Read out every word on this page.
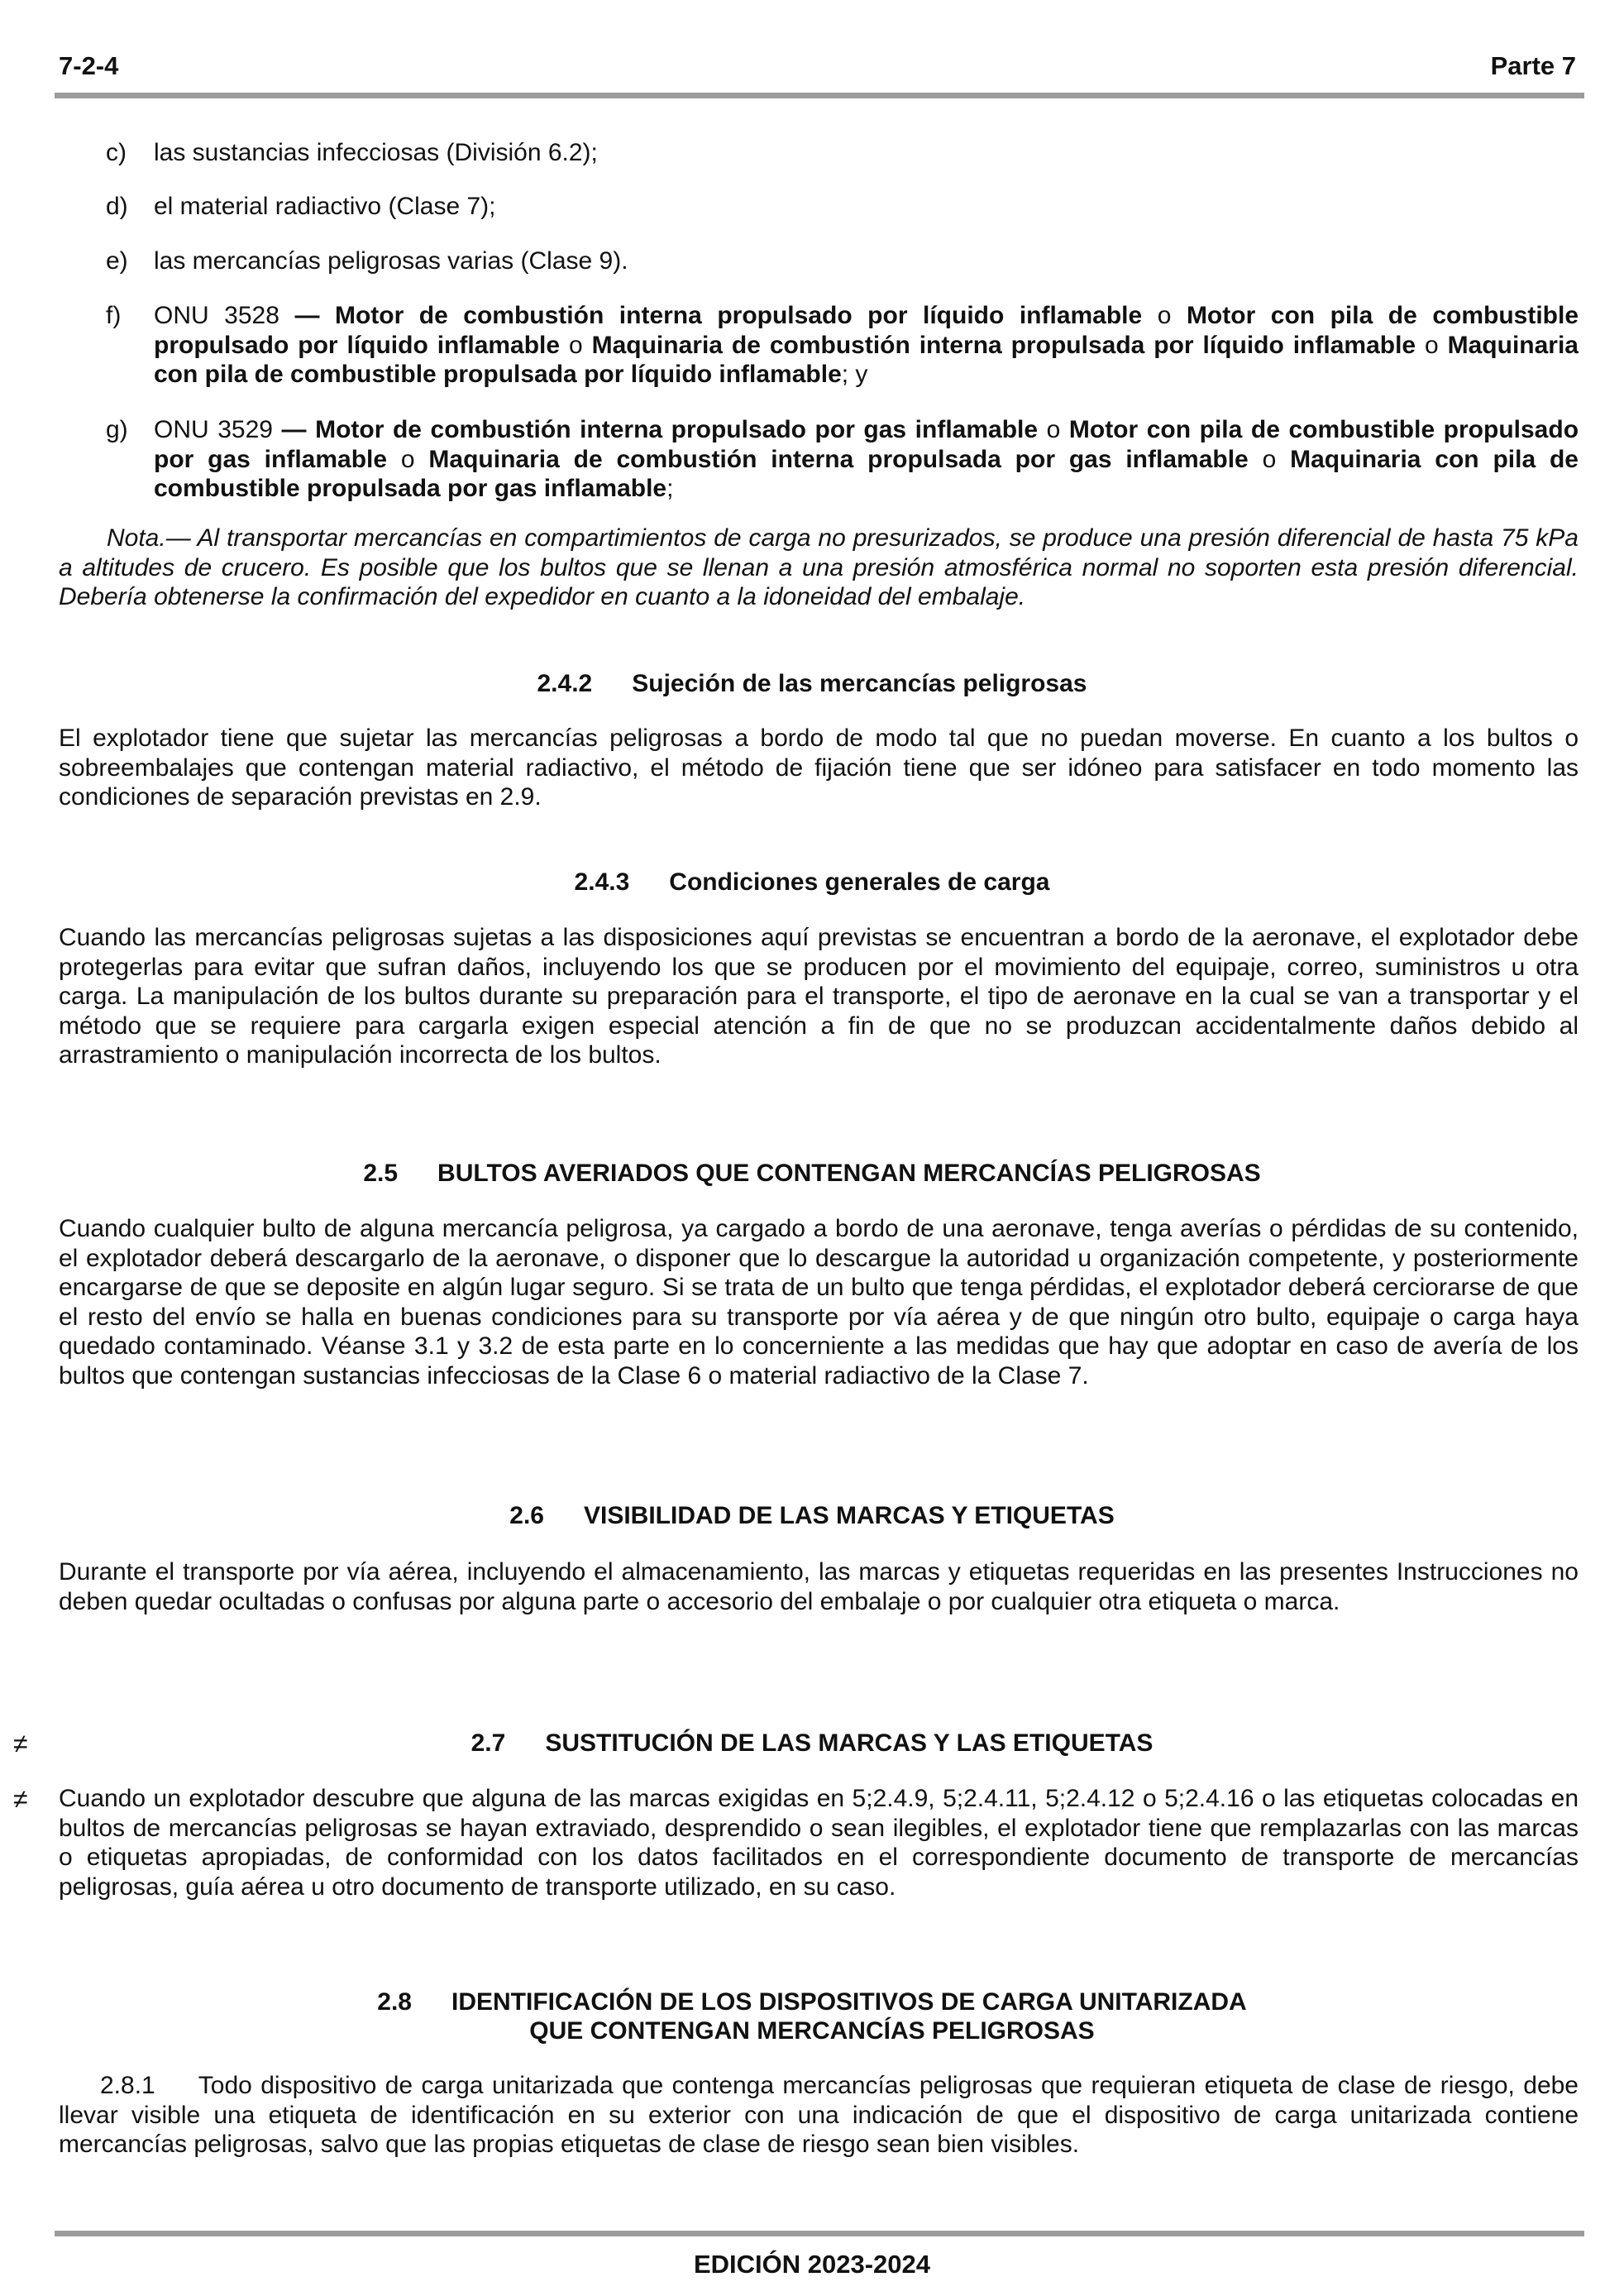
7-2-4	Parte 7
c) las sustancias infecciosas (División 6.2);
d) el material radiactivo (Clase 7);
e) las mercancías peligrosas varias (Clase 9).
f) ONU 3528 — Motor de combustión interna propulsado por líquido inflamable o Motor con pila de combustible propulsado por líquido inflamable o Maquinaria de combustión interna propulsada por líquido inflamable o Maquinaria con pila de combustible propulsada por líquido inflamable; y
g) ONU 3529 — Motor de combustión interna propulsado por gas inflamable o Motor con pila de combustible propulsado por gas inflamable o Maquinaria de combustión interna propulsada por gas inflamable o Maquinaria con pila de combustible propulsada por gas inflamable;
Nota.— Al transportar mercancías en compartimientos de carga no presurizados, se produce una presión diferencial de hasta 75 kPa a altitudes de crucero. Es posible que los bultos que se llenan a una presión atmosférica normal no soporten esta presión diferencial. Debería obtenerse la confirmación del expedidor en cuanto a la idoneidad del embalaje.
2.4.2 Sujeción de las mercancías peligrosas
El explotador tiene que sujetar las mercancías peligrosas a bordo de modo tal que no puedan moverse. En cuanto a los bultos o sobreembalajes que contengan material radiactivo, el método de fijación tiene que ser idóneo para satisfacer en todo momento las condiciones de separación previstas en 2.9.
2.4.3 Condiciones generales de carga
Cuando las mercancías peligrosas sujetas a las disposiciones aquí previstas se encuentran a bordo de la aeronave, el explotador debe protegerlas para evitar que sufran daños, incluyendo los que se producen por el movimiento del equipaje, correo, suministros u otra carga. La manipulación de los bultos durante su preparación para el transporte, el tipo de aeronave en la cual se van a transportar y el método que se requiere para cargarla exigen especial atención a fin de que no se produzcan accidentalmente daños debido al arrastramiento o manipulación incorrecta de los bultos.
2.5 BULTOS AVERIADOS QUE CONTENGAN MERCANCÍAS PELIGROSAS
Cuando cualquier bulto de alguna mercancía peligrosa, ya cargado a bordo de una aeronave, tenga averías o pérdidas de su contenido, el explotador deberá descargarlo de la aeronave, o disponer que lo descargue la autoridad u organización competente, y posteriormente encargarse de que se deposite en algún lugar seguro. Si se trata de un bulto que tenga pérdidas, el explotador deberá cerciorarse de que el resto del envío se halla en buenas condiciones para su transporte por vía aérea y de que ningún otro bulto, equipaje o carga haya quedado contaminado. Véanse 3.1 y 3.2 de esta parte en lo concerniente a las medidas que hay que adoptar en caso de avería de los bultos que contengan sustancias infecciosas de la Clase 6 o material radiactivo de la Clase 7.
2.6 VISIBILIDAD DE LAS MARCAS Y ETIQUETAS
Durante el transporte por vía aérea, incluyendo el almacenamiento, las marcas y etiquetas requeridas en las presentes Instrucciones no deben quedar ocultadas o confusas por alguna parte o accesorio del embalaje o por cualquier otra etiqueta o marca.
≠	2.7 SUSTITUCIÓN DE LAS MARCAS Y LAS ETIQUETAS
≠ Cuando un explotador descubre que alguna de las marcas exigidas en 5;2.4.9, 5;2.4.11, 5;2.4.12 o 5;2.4.16 o las etiquetas colocadas en bultos de mercancías peligrosas se hayan extraviado, desprendido o sean ilegibles, el explotador tiene que remplazarlas con las marcas o etiquetas apropiadas, de conformidad con los datos facilitados en el correspondiente documento de transporte de mercancías peligrosas, guía aérea u otro documento de transporte utilizado, en su caso.
2.8 IDENTIFICACIÓN DE LOS DISPOSITIVOS DE CARGA UNITARIZADA
QUE CONTENGAN MERCANCÍAS PELIGROSAS
2.8.1 Todo dispositivo de carga unitarizada que contenga mercancías peligrosas que requieran etiqueta de clase de riesgo, debe llevar visible una etiqueta de identificación en su exterior con una indicación de que el dispositivo de carga unitarizada contiene mercancías peligrosas, salvo que las propias etiquetas de clase de riesgo sean bien visibles.
EDICIÓN 2023-2024
